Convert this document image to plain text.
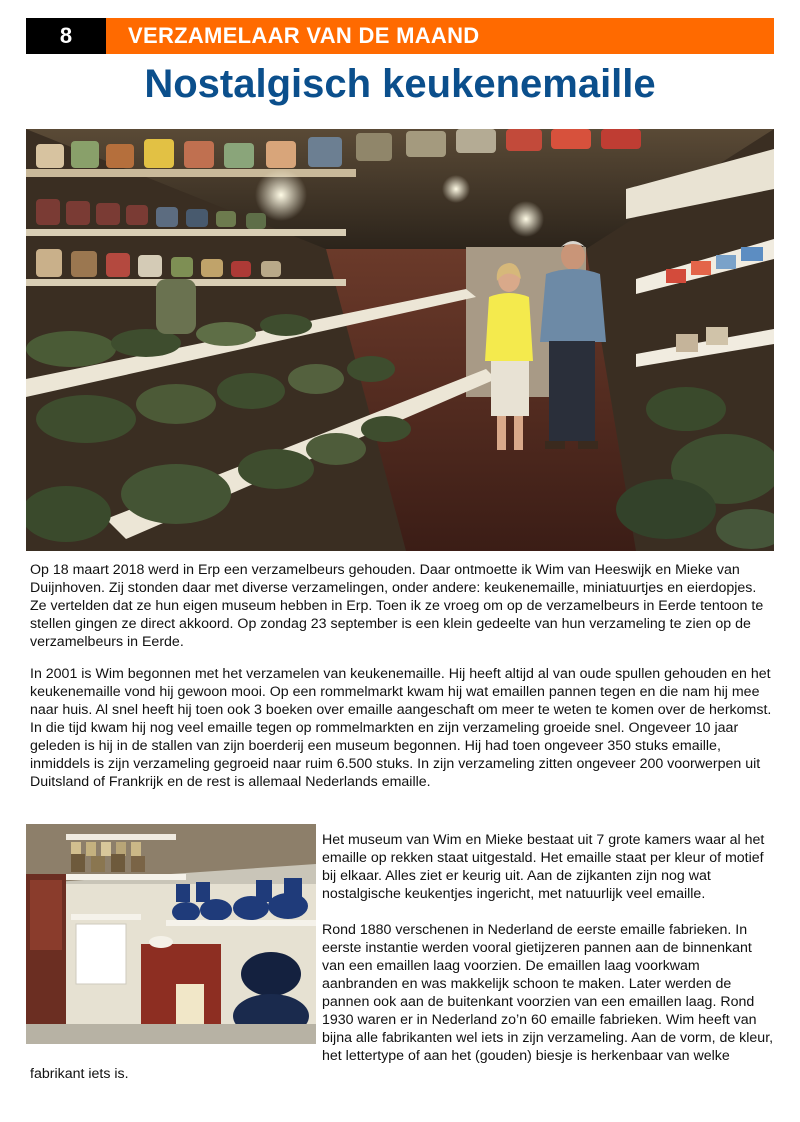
8	VERZAMELAAR VAN DE MAAND
Nostalgisch keukenemaille

Op 18 maart 2018 werd in Erp een verzamelbeurs gehouden. Daar ontmoette ik Wim van Heeswijk en Mieke van Duijnhoven. Zij stonden daar met diverse verzamelingen, onder andere: keukenemaille, miniatuurtjes en eierdopjes. Ze vertelden dat ze hun eigen museum hebben in Erp. Toen ik ze vroeg om op de verzamelbeurs in Eerde tentoon te stellen gingen ze direct akkoord. Op zondag 23 september is een klein gedeelte van hun verzameling te zien op de verzamelbeurs in Eerde.

In 2001 is Wim begonnen met het verzamelen van keukenemaille. Hij heeft altijd al van oude spullen gehouden en het keukenemaille vond hij gewoon mooi. Op een rommelmarkt kwam hij wat emaillen pannen tegen en die nam hij mee naar huis. Al snel heeft hij toen ook 3 boeken over emaille aangeschaft om meer te weten te komen over de herkomst. In die tijd kwam hij nog veel emaille tegen op rommelmarkten en zijn verzameling groeide snel. Ongeveer 10 jaar geleden is hij in de stallen van zijn boerderij een museum begonnen. Hij had toen ongeveer 350 stuks emaille, inmiddels is zijn verzameling gegroeid naar ruim 6.500 stuks. In zijn verzameling zitten ongeveer 200 voorwerpen uit Duitsland of Frankrijk en de rest is allemaal Nederlands emaille.

Het museum van Wim en Mieke bestaat uit 7 grote kamers waar al het emaille op rekken staat uitgestald. Het emaille staat per kleur of motief bij elkaar. Alles ziet er keurig uit. Aan de zijkanten zijn nog wat nostalgische keukentjes ingericht, met natuurlijk veel emaille.

Rond 1880 verschenen in Nederland de eerste emaille fabrieken. In eerste instantie werden vooral gietijzeren pannen aan de binnenkant van een emaillen laag voorzien. De emaillen laag voorkwam aanbranden en was makkelijk schoon te maken. Later werden de pannen ook aan de buitenkant voorzien van een emaillen laag. Rond 1930 waren er in Nederland zo’n 60 emaille fabrieken. Wim heeft van bijna alle fabrikanten wel iets in zijn verzameling. Aan de vorm, de kleur, het lettertype of aan het (gouden) biesje is herkenbaar van welke fabrikant iets is.
